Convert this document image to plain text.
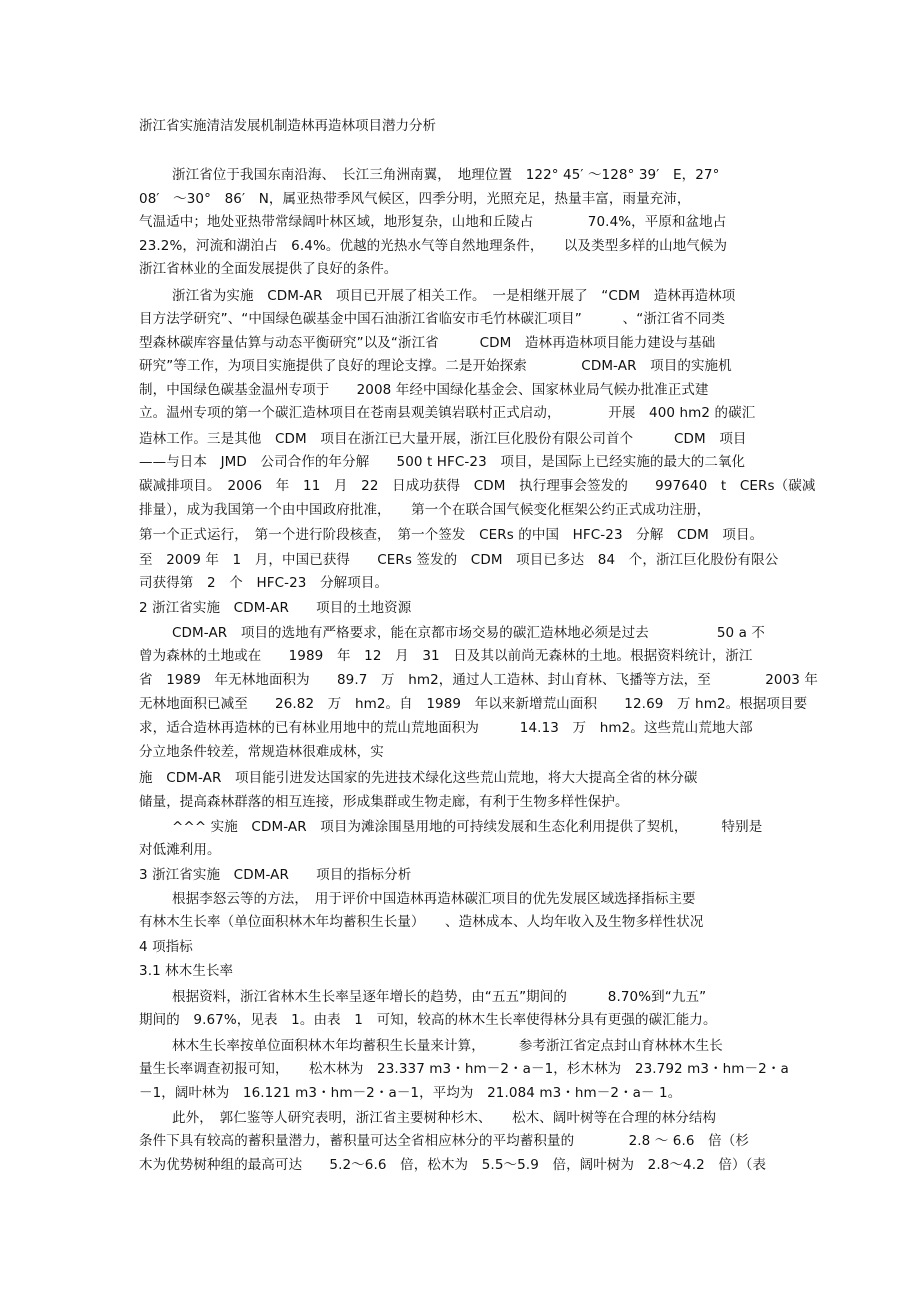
浙江省实施清洁发展机制造林再造林项目潜力分析
浙江省位于我国东南沿海、　长江三角洲南翼，　地理位置　122° 45′ ～128° 39′　E，27°
08′　～30°　86′　N，属亚热带季风气候区，四季分明，光照充足，热量丰富，雨量充沛，
气温适中；地处亚热带常绿阔叶林区域，地形复杂，山地和丘陵占　　　　70.4%，平原和盆地占
23.2%，河流和湖泊占　6.4%。优越的光热水气等自然地理条件，　　以及类型多样的山地气候为
浙江省林业的全面发展提供了良好的条件。
浙江省为实施　CDM-AR　项目已开展了相关工作。　一是相继开展了　“CDM　造林再造林项
目方法学研究”、“中国绿色碳基金中国石油浙江省临安市毛竹林碳汇项目”　　　、“浙江省不同类
型森林碳库容量估算与动态平衡研究”以及“浙江省　　　CDM　造林再造林项目能力建设与基础
研究”等工作，为项目实施提供了良好的理论支撑。二是开始探索　　　　CDM-AR　项目的实施机
制，中国绿色碳基金温州专项于　　2008 年经中国绿化基金会、国家林业局气候办批准正式建
立。温州专项的第一个碳汇造林项目在苍南县观美镇岩联村正式启动，　　　　开展　400 hm2 的碳汇
造林工作。三是其他　CDM　项目在浙江已大量开展，浙江巨化股份有限公司首个　　　CDM　项目
——与日本　JMD　公司合作的年分解　　500 t HFC-23　项目，是国际上已经实施的最大的二氧化
碳减排项目。　2006　年　11　月　22　日成功获得　CDM　执行理事会签发的　　997640　t　CERs（碳减
排量），成为我国第一个由中国政府批准，　　第一个在联合国气候变化框架公约正式成功注册，
第一个正式运行，　第一个进行阶段核查，　第一个签发　CERs 的中国　HFC-23　分解　CDM　项目。
至　2009 年　1　月，中国已获得　　CERs 签发的　CDM　项目已多达　84　个，浙江巨化股份有限公
司获得第　2　个　HFC-23　分解项目。
2 浙江省实施　CDM-AR　　项目的土地资源
CDM-AR　项目的选地有严格要求，能在京都市场交易的碳汇造林地必须是过去　　　　　50 a 不
曾为森林的土地或在　　1989　年　12　月　31　日及其以前尚无森林的土地。根据资料统计，浙江
省　1989　年无林地面积为　　89.7　万　hm2，通过人工造林、封山育林、飞播等方法，至　　　　2003 年
无林地面积已减至　　26.82　万　hm2。自　1989　年以来新增荒山面积　　12.69　万 hm2。根据项目要
求，适合造林再造林的已有林业用地中的荒山荒地面积为　　　14.13　万　hm2。这些荒山荒地大部
分立地条件较差，常规造林很难成林，实
施　CDM-AR　项目能引进发达国家的先进技术绿化这些荒山荒地，将大大提高全省的林分碳
储量，提高森林群落的相互连接，形成集群或生物走廊，有利于生物多样性保护。
^^^ 实施　CDM-AR　项目为滩涂围垦用地的可持续发展和生态化利用提供了契机，　　　特别是
对低滩利用。
3 浙江省实施　CDM-AR　　项目的指标分析
根据李怒云等的方法，　用于评价中国造林再造林碳汇项目的优先发展区域选择指标主要
有林木生长率（单位面积林木年均蓄积生长量）　　、造林成本、人均年收入及生物多样性状况
4 项指标
3.1 林木生长率
根据资料，浙江省林木生长率呈逐年增长的趋势，由“五五”期间的　　　8.70%到“九五”
期间的　9.67%，见表　1。由表　1　可知，较高的林木生长率使得林分具有更强的碳汇能力。
林木生长率按单位面积林木年均蓄积生长量来计算，　　　参考浙江省定点封山育林林木生长
量生长率调查初报可知，　　松木林为　23.337 m3・hm－2・a－1，杉木林为　23.792 m3・hm－2・a
－1，阔叶林为　16.121 m3・hm－2・a－1，平均为　21.084 m3・hm－2・a－ 1。
此外，　郭仁鉴等人研究表明，浙江省主要树种杉木、　　松木、阔叶树等在合理的林分结构
条件下具有较高的蓄积量潜力，蓄积量可达全省相应林分的平均蓄积量的　　　　2.8 ～ 6.6　倍（杉
木为优势树种组的最高可达　　5.2～6.6　倍，松木为　5.5～5.9　倍，阔叶树为　2.8～4.2　倍）（表
